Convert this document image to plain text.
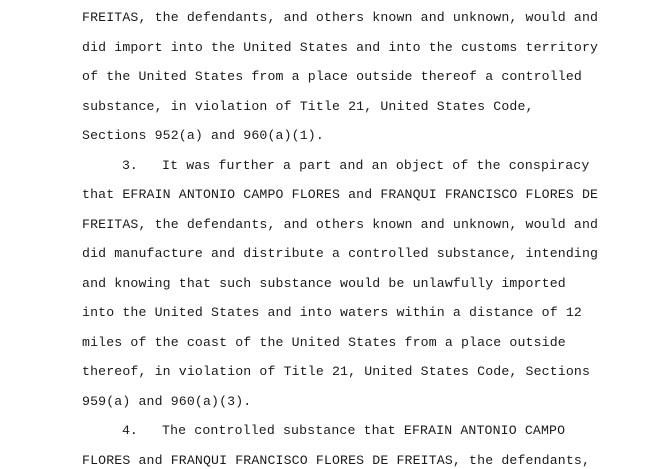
FREITAS, the defendants, and others known and unknown, would and
did import into the United States and into the customs territory
of the United States from a place outside thereof a controlled
substance, in violation of Title 21, United States Code,
Sections 952(a) and 960(a)(1).
3. It was further a part and an object of the conspiracy
that EFRAIN ANTONIO CAMPO FLORES and FRANQUI FRANCISCO FLORES DE
FREITAS, the defendants, and others known and unknown, would and
did manufacture and distribute a controlled substance, intending
and knowing that such substance would be unlawfully imported
into the United States and into waters within a distance of 12
miles of the coast of the United States from a place outside
thereof, in violation of Title 21, United States Code, Sections
959(a) and 960(a)(3).
4. The controlled substance that EFRAIN ANTONIO CAMPO
FLORES and FRANQUI FRANCISCO FLORES DE FREITAS, the defendants,
